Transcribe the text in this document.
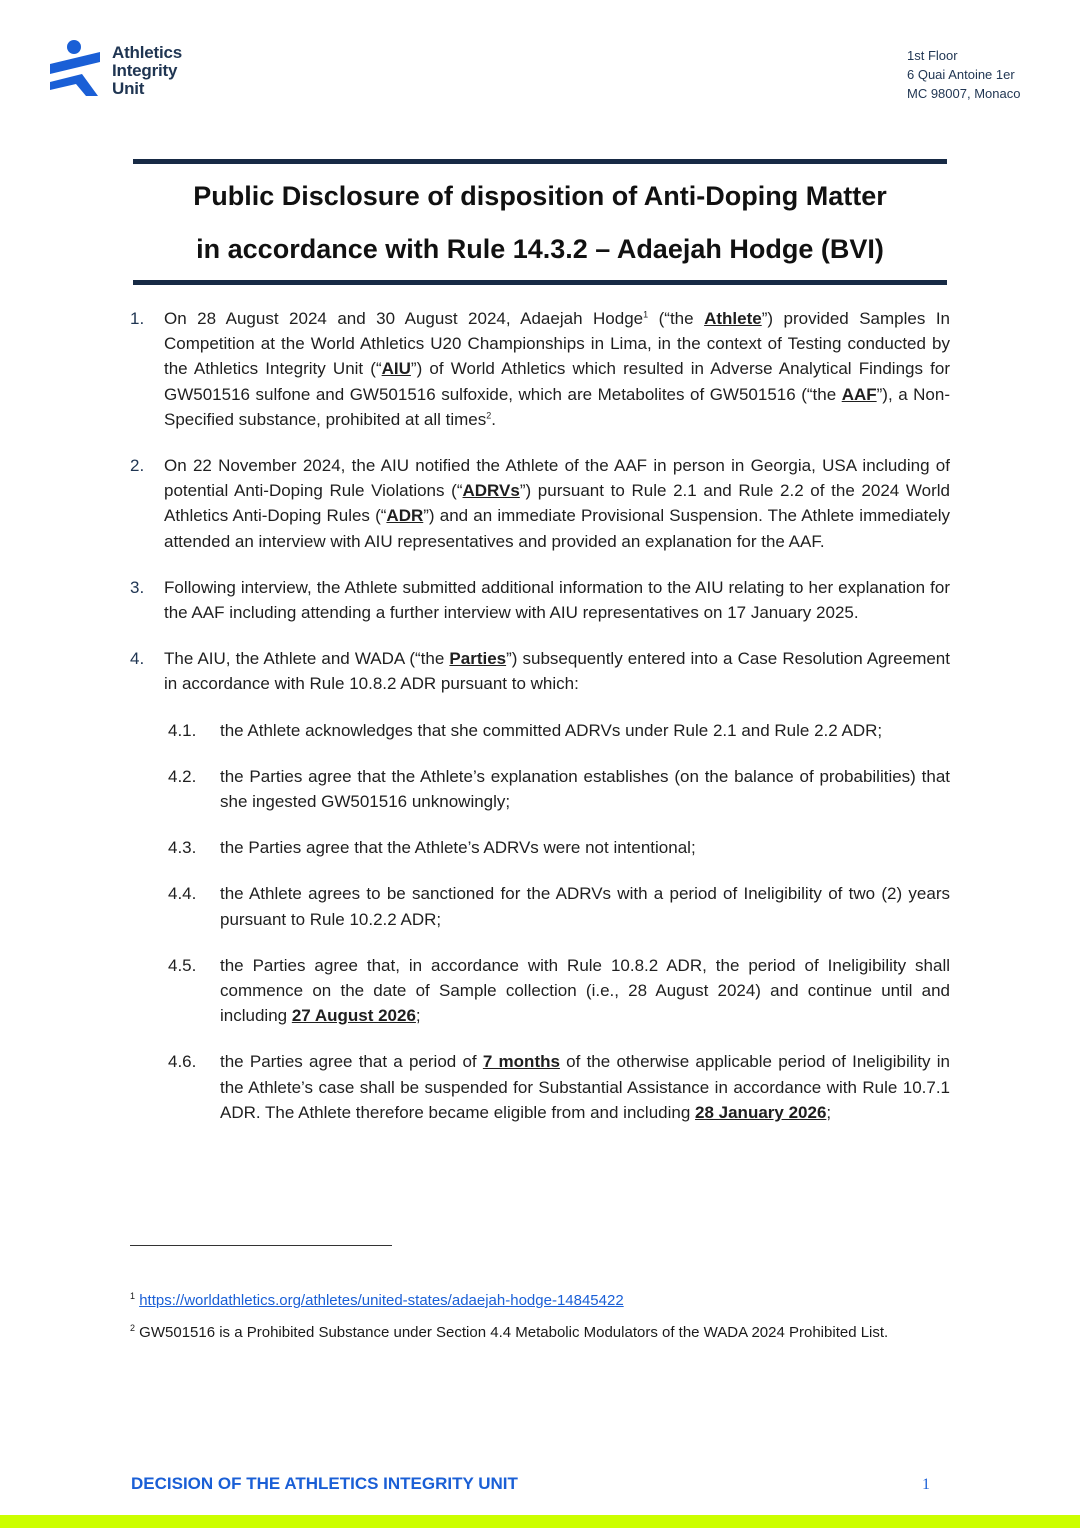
Athletics
Integrity
Unit
1st Floor
6 Quai Antoine 1er
MC 98007, Monaco
Public Disclosure of disposition of Anti-Doping Matter
in accordance with Rule 14.3.2 – Adaejah Hodge (BVI)
1.	On 28 August 2024 and 30 August 2024, Adaejah Hodge$^1$ (“the Athlete”) provided Samples In Competition at the World Athletics U20 Championships in Lima, in the context of Testing conducted by the Athletics Integrity Unit (“AIU”) of World Athletics which resulted in Adverse Analytical Findings for GW501516 sulfone and GW501516 sulfoxide, which are Metabolites of GW501516 (“the AAF”), a Non-Specified substance, prohibited at all times$^2$.
2.	On 22 November 2024, the AIU notified the Athlete of the AAF in person in Georgia, USA including of potential Anti-Doping Rule Violations (“ADRVs”) pursuant to Rule 2.1 and Rule 2.2 of the 2024 World Athletics Anti-Doping Rules (“ADR”) and an immediate Provisional Suspension. The Athlete immediately attended an interview with AIU representatives and provided an explanation for the AAF.
3.	Following interview, the Athlete submitted additional information to the AIU relating to her explanation for the AAF including attending a further interview with AIU representatives on 17 January 2025.
4.	The AIU, the Athlete and WADA (“the Parties”) subsequently entered into a Case Resolution Agreement in accordance with Rule 10.8.2 ADR pursuant to which:
4.1.	the Athlete acknowledges that she committed ADRVs under Rule 2.1 and Rule 2.2 ADR;
4.2.	the Parties agree that the Athlete’s explanation establishes (on the balance of probabilities) that she ingested GW501516 unknowingly;
4.3.	the Parties agree that the Athlete’s ADRVs were not intentional;
4.4.	the Athlete agrees to be sanctioned for the ADRVs with a period of Ineligibility of two (2) years pursuant to Rule 10.2.2 ADR;
4.5.	the Parties agree that, in accordance with Rule 10.8.2 ADR, the period of Ineligibility shall commence on the date of Sample collection (i.e., 28 August 2024) and continue until and including 27 August 2026;
4.6.	the Parties agree that a period of 7 months of the otherwise applicable period of Ineligibility in the Athlete’s case shall be suspended for Substantial Assistance in accordance with Rule 10.7.1 ADR. The Athlete therefore became eligible from and including 28 January 2026;
$^1$ https://worldathletics.org/athletes/united-states/adaejah-hodge-14845422
$^2$ GW501516 is a Prohibited Substance under Section 4.4 Metabolic Modulators of the WADA 2024 Prohibited List.
DECISION OF THE ATHLETICS INTEGRITY UNIT	1
